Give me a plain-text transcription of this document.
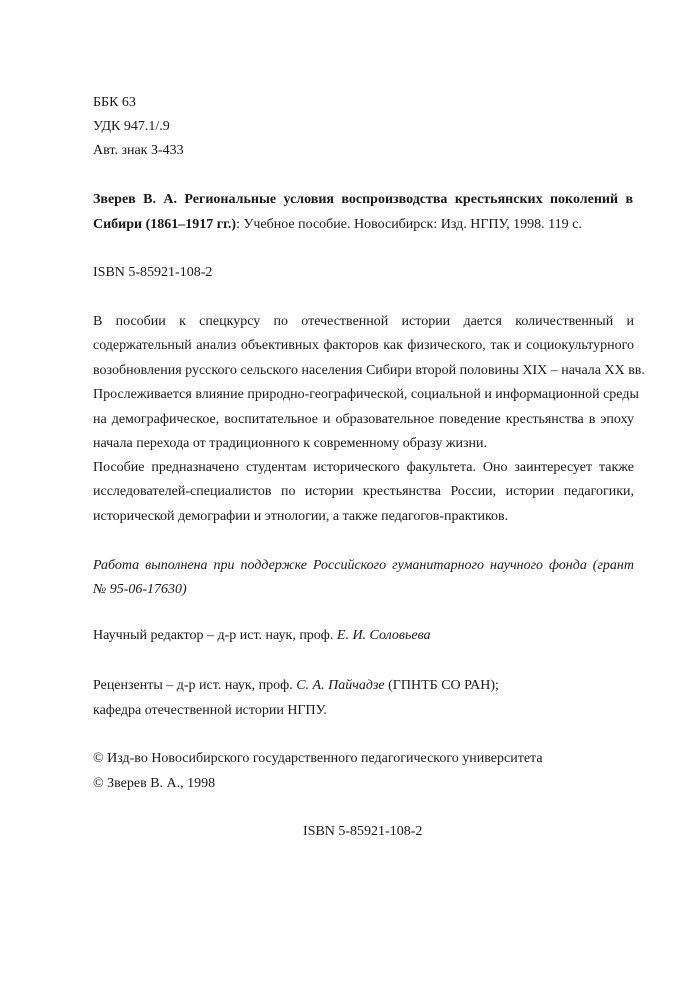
ББК 63
УДК 947.1/.9
Авт. знак З-433
Зверев В. А. Региональные условия воспроизводства крестьянских поколений в
Сибири (1861–1917 гг.): Учебное пособие. Новосибирск: Изд. НГПУ, 1998. 119 с.
ISBN 5-85921-108-2
В пособии к спецкурсу по отечественной истории дается количественный и
содержательный анализ объективных факторов как физического, так и социокультурного
возобновления русского сельского населения Сибири второй половины XIX – начала XX вв.
Прослеживается влияние природно-географической, социальной и информационной среды
на демографическое, воспитательное и образовательное поведение крестьянства в эпоху
начала перехода от традиционного к современному образу жизни.
Пособие предназначено студентам исторического факультета. Оно заинтересует также
исследователей-специалистов по истории крестьянства России, истории педагогики,
исторической демографии и этнологии, а также педагогов-практиков.
Работа выполнена при поддержке Российского гуманитарного научного фонда (грант
№ 95-06-17630)
Научный редактор – д-р ист. наук, проф. Е. И. Соловьева
Рецензенты – д-р ист. наук, проф. С. А. Пайчадзе (ГПНТБ СО РАН);
кафедра отечественной истории НГПУ.
© Изд-во Новосибирского государственного педагогического университета
© Зверев В. А., 1998
ISBN 5-85921-108-2
